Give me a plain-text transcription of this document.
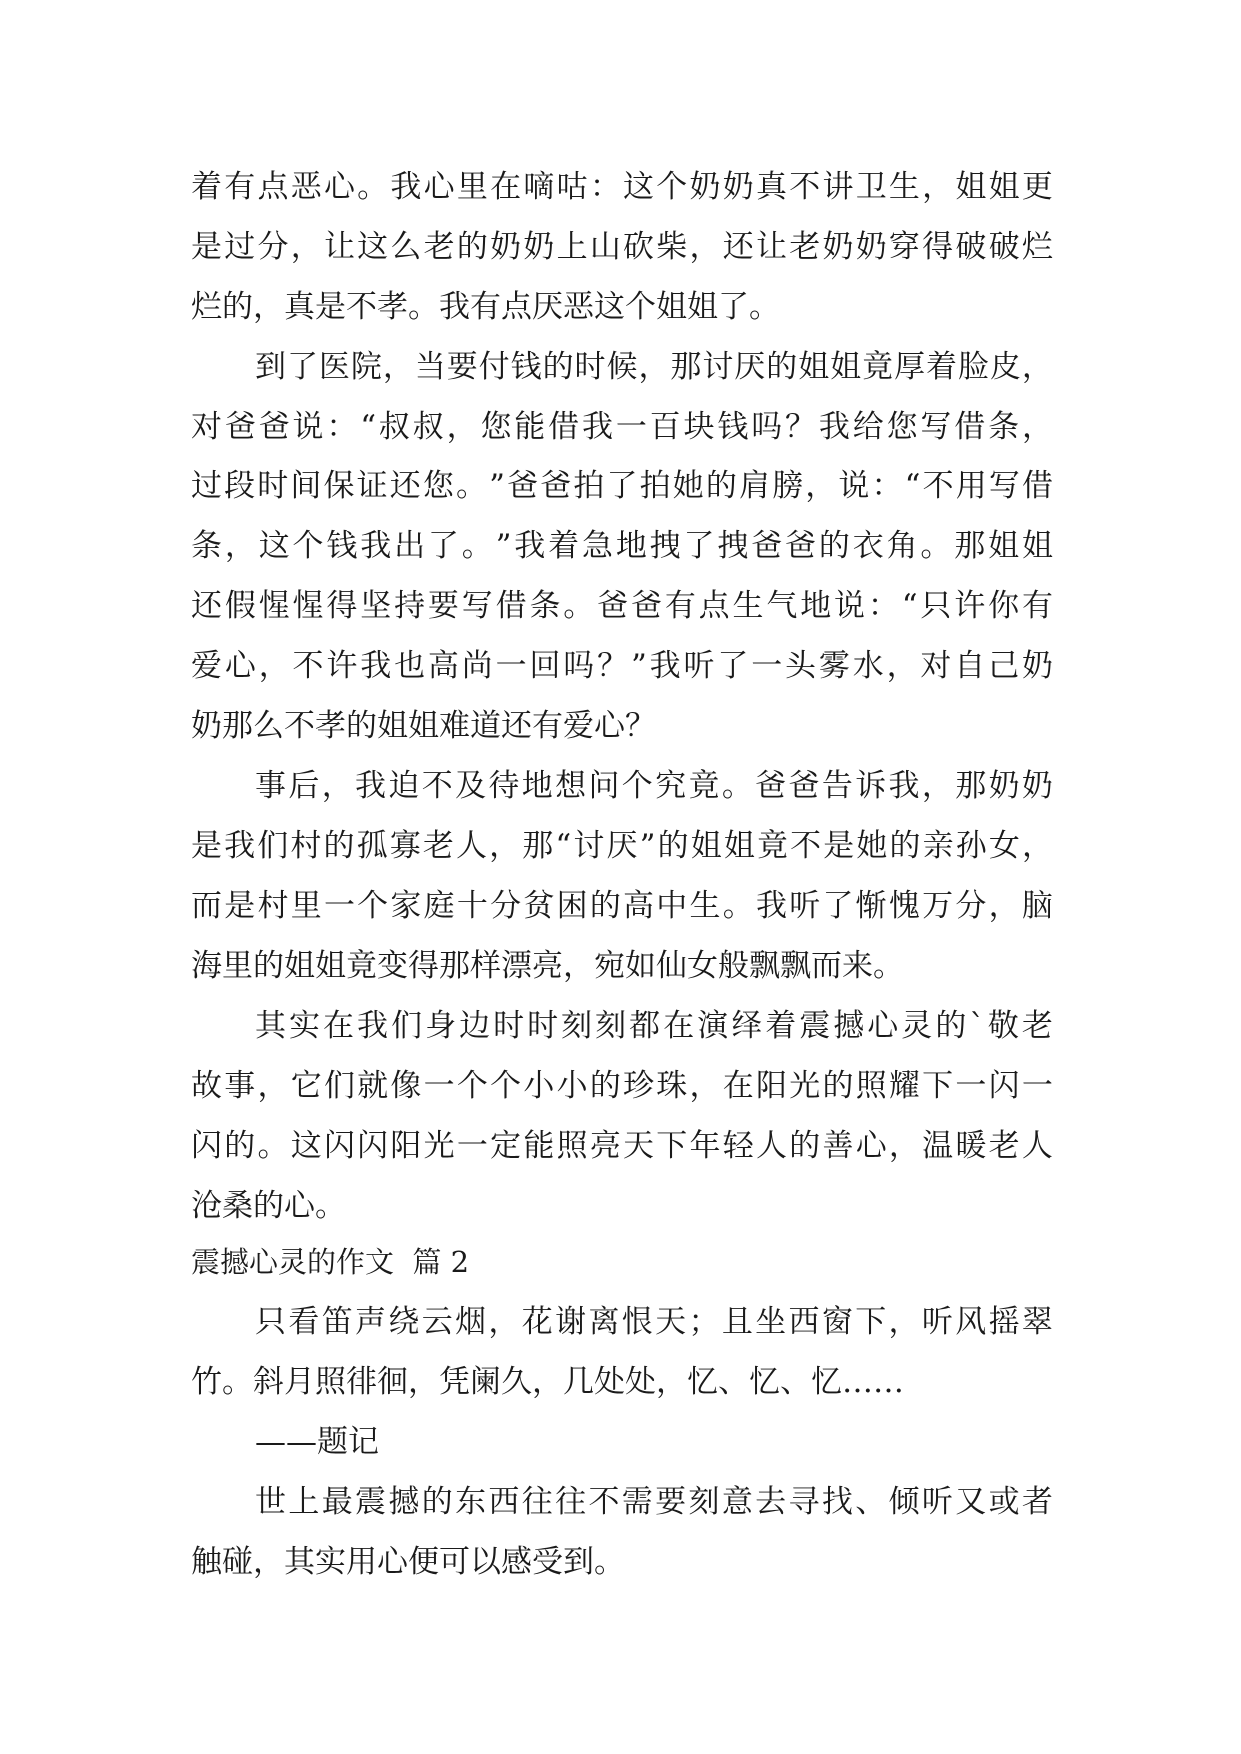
着 有 点 恶 心 。 我 心 里 在 嘀 咕 ： 这 个 奶 奶 真 不 讲 卫 生 ， 姐 姐 更
是 过 分 ， 让 这 么 老 的 奶 奶 上 山 砍 柴 ， 还 让 老 奶 奶 穿 得 破 破 烂
烂的，真是不孝。我有点厌恶这个姐姐了。
到 了 医 院 ， 当 要 付 钱 的 时 候 ， 那 讨 厌 的 姐 姐 竟 厚 着 脸 皮 ，
对 爸 爸 说 ： “ 叔 叔 ， 您 能 借 我 一 百 块 钱 吗 ？ 我 给 您 写 借 条 ，
过 段 时 间 保 证 还 您 。 ” 爸 爸 拍 了 拍 她 的 肩 膀 ， 说 ： “ 不 用 写 借
条 ， 这 个 钱 我 出 了 。 ” 我 着 急 地 拽 了 拽 爸 爸 的 衣 角 。 那 姐 姐
还 假 惺 惺 得 坚 持 要 写 借 条 。 爸 爸 有 点 生 气 地 说 ： “ 只 许 你 有
爱 心 ， 不 许 我 也 高 尚 一 回 吗 ？ ” 我 听 了 一 头 雾 水 ， 对 自 己 奶
奶那么不孝的姐姐难道还有爱心？
事 后 ， 我 迫 不 及 待 地 想 问 个 究 竟 。 爸 爸 告 诉 我 ， 那 奶 奶
是 我 们 村 的 孤 寡 老 人 ， 那 “ 讨 厌 ” 的 姐 姐 竟 不 是 她 的 亲 孙 女 ，
而 是 村 里 一 个 家 庭 十 分 贫 困 的 高 中 生 。 我 听 了 惭 愧 万 分 ， 脑
海里的姐姐竟变得那样漂亮，宛如仙女般飘飘而来。
其 实 在 我 们 身 边 时 时 刻 刻 都 在 演 绎 着 震 撼 心 灵 的 ` 敬 老
故 事 ， 它 们 就 像 一 个 个 小 小 的 珍 珠 ， 在 阳 光 的 照 耀 下 一 闪 一
闪 的 。 这 闪 闪 阳 光 一 定 能 照 亮 天 下 年 轻 人 的 善 心 ， 温 暖 老 人
沧桑的心。
震撼心灵的作文  篇 2
只 看 笛 声 绕 云 烟 ， 花 谢 离 恨 天 ； 且 坐 西 窗 下 ， 听 风 摇 翠
竹。斜月照徘徊，凭阑久，几处处，忆、忆、忆……
——题记
世 上 最 震 撼 的 东 西 往 往 不 需 要 刻 意 去 寻 找 、 倾 听 又 或 者
触碰，其实用心便可以感受到。
